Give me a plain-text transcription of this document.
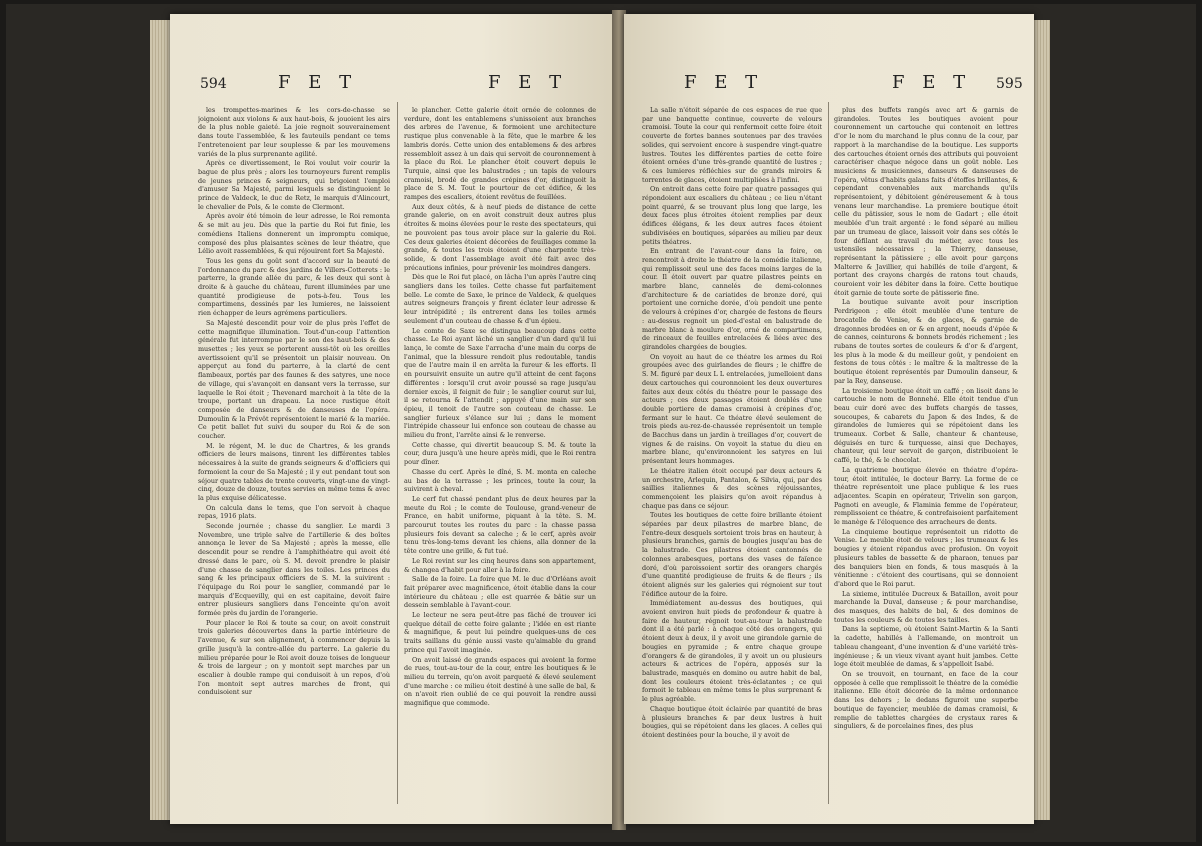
594	F E T	F E T

les trompettes-marines & les cors-de-chasse se joignoient aux violons & aux haut-bois, & jouoient les airs de la plus noble gaieté. La joie regnoit souverainement dans toute l'assemblée, & les fauteuils pendant ce tems l'entretenoient par leur souplesse & par les mouvemens variés de la plus surprenante agilité.

Après ce divertissement, le Roi voulut voir courir la bague de plus près ; alors les tournoyeurs furent remplis de jeunes princes & seigneurs, qui brigoient l'emploi d'amuser Sa Majesté, parmi lesquels se distinguoient le prince de Valdeck, le duc de Retz, le marquis d'Alincourt, le chevalier de Pols, & le comte de Clermont.

Après avoir été témoin de leur adresse, le Roi remonta & se mit au jeu. Dès que la partie du Roi fut finie, les comédiens Italiens donnerent un impromptu comique, composé des plus plaisantes scènes de leur théatre, que Lélio avoit rassemblées, & qui réjouirent fort Sa Majesté.

Tous les gens du goût sont d'accord sur la beauté de l'ordonnance du parc & des jardins de Villers-Cotterets : le parterre, la grande allée du parc, & les deux qui sont à droite & à gauche du château, furent illuminées par une quantité prodigieuse de pots-à-feu. Tous les compartimens, dessinés par les lumieres, ne laissoient rien échapper de leurs agrémens particuliers.

Sa Majesté descendit pour voir de plus près l'effet de cette magnifique illumination. Tout-d'un-coup l'attention générale fut interrompue par le son des haut-bois & des musettes ; les yeux se porterent aussi-tôt où les oreilles avertissoient qu'il se présentoit un plaisir nouveau. On apperçut au fond du parterre, à la clarté de cent flambeaux, portés par des faunes & des satyres, une noce de village, qui s'avançoit en dansant vers la terrasse, sur laquelle le Roi étoit ; Thevenard marchoit à la tête de la troupe, portant un drapeau. La noce rustique étoit composée de danseurs & de danseuses de l'opéra. Dumoulin & la Prévôt représentoient le marié & la mariée. Ce petit ballet fut suivi du souper du Roi & de son coucher.

M. le régent, M. le duc de Chartres, & les grands officiers de leurs maisons, tinrent les différentes tables nécessaires à la suite de grands seigneurs & d'officiers qui formoient la cour de Sa Majesté ; il y eut pendant tout son séjour quatre tables de trente couverts, vingt-une de vingt-cinq, douze de douze, toutes servies en même tems & avec la plus exquise délicatesse.

On calcula dans le tems, que l'on servoit à chaque repas, 1916 plats.

Seconde journée ; chasse du sanglier. Le mardi 3 Novembre, une triple salve de l'artillerie & des boîtes annonça le lever de Sa Majesté ; après la messe, elle descendit pour se rendre à l'amphithéatre qui avoit été dressé dans le parc, où S. M. devoit prendre le plaisir d'une chasse de sanglier dans les toiles. Les princes du sang & les principaux officiers de S. M. la suivirent : l'équipage du Roi pour le sanglier, commandé par le marquis d'Ecquevilly, qui en est capitaine, devoit faire entrer plusieurs sangliers dans l'enceinte qu'on avoit formée près du jardin de l'orangerie.

Pour placer le Roi & toute sa cour, on avoit construit trois galeries découvertes dans la partie intérieure de l'avenue, & sur son alignement, à commencer depuis la grille jusqu'à la contre-allée du parterre. La galerie du milieu préparée pour le Roi avoit douze toises de longueur & trois de largeur ; on y montoit sept marches par un escalier à double rampe qui conduisoit à un repos, d'où l'on montoit sept autres marches de front, qui conduisoient sur

le plancher. Cette galerie étoit ornée de colonnes de verdure, dont les entablemens s'unissoient aux branches des arbres de l'avenue, & formoient une architecture rustique plus convenable à la fête, que le marbre & les lambris dorés. Cette union des entablemens & des arbres ressembloit assez à un dais qui servoit de couronnement à la place du Roi. Le plancher étoit couvert depuis le Turquie, ainsi que les balustrades ; un tapis de velours cramoisi, brodé de grandes crépines d'or, distinguoit la place de S. M. Tout le pourtour de cet édifice, & les rampes des escaliers, étoient revêtus de feuillées.

Aux deux côtés, & à neuf pieds de distance de cette grande galerie, on en avoit construit deux autres plus étroites & moins élevées pour le reste des spectateurs, qui ne pouvoient pas tous avoir place sur la galerie du Roi. Ces deux galeries étoient décorées de feuillages comme la grande, & toutes les trois étoient d'une charpente très-solide, & dont l'assemblage avoit été fait avec des précautions infinies, pour prévenir les moindres dangers.

Dès que le Roi fut placé, on lâcha l'un après l'autre cinq sangliers dans les toiles. Cette chasse fut parfaitement belle. Le comte de Saxe, le prince de Valdeck, & quelques autres seigneurs françois y firent éclater leur adresse & leur intrépidité ; ils entrerent dans les toiles armés seulement d'un couteau de chasse & d'un épieu.

Le comte de Saxe se distingua beaucoup dans cette chasse. Le Roi ayant lâché un sanglier d'un dard qu'il lui lança, le comte de Saxe l'arracha d'une main du corps de l'animal, que la blessure rendoit plus redoutable, tandis que de l'autre main il en arrêta la fureur & les efforts. Il en poursuivit ensuite un autre qu'il atteint de cent façons différentes : lorsqu'il crut avoir poussé sa rage jusqu'au dernier excès, il feignit de fuir ; le sanglier courut sur lui, il se retourna & l'attendit ; appuyé d'une main sur son épieu, il tenoit de l'autre son couteau de chasse. Le sanglier furieux s'élance sur lui ; dans le moment l'intrépide chasseur lui enfonce son couteau de chasse au milieu du front, l'arrête ainsi & le renverse.

Cette chasse, qui divertit beaucoup S. M. & toute la cour, dura jusqu'à une heure après midi, que le Roi rentra pour dîner.

Chasse du cerf. Après le dîné, S. M. monta en caleche au bas de la terrasse ; les princes, toute la cour, la suivirent à cheval.

Le cerf fut chassé pendant plus de deux heures par la meute du Roi ; le comte de Toulouse, grand-veneur de France, en habit uniforme, piquant à la tête. S. M. parcourut toutes les routes du parc : la chasse passa plusieurs fois devant sa caleche ; & le cerf, après avoir tenu très-long-tems devant les chiens, alla donner de la tête contre une grille, & fut tué.

Le Roi revint sur les cinq heures dans son appartement, & changea d'habit pour aller à la foire.

Salle de la foire. La foire que M. le duc d'Orléans avoit fait préparer avec magnificence, étoit établie dans la cour intérieure du château ; elle est quarrée & bâtie sur un dessein semblable à l'avant-cour.

Le lecteur ne sera peut-être pas fâché de trouver ici quelque détail de cette foire galante ; l'idée en est riante & magnifique, & peut lui peindre quelques-uns de ces traits saillans du génie aussi vaste qu'aimable du grand prince qui l'avoit imaginée.

On avoit laissé de grands espaces qui avoient la forme de rues, tout-au-tour de la cour, entre les boutiques & le milieu du terrein, qu'on avoit parqueté & élevé seulement d'une marche : ce milieu étoit destiné à une salle de bal, & on n'avoit rien oublié de ce qui pouvoit la rendre aussi magnifique que commode.

F E T	F E T 595

La salle n'étoit séparée de ces espaces de rue que par une banquette continue, couverte de velours cramoisi. Toute la cour qui renfermoit cette foire étoit couverte de fortes bannes soutenues par des travées solides, qui servoient encore à suspendre vingt-quatre lustres. Toutes les différentes parties de cette foire étoient ornées d'une très-grande quantité de lustres ; & ces lumieres réfléchies sur de grands miroirs & torrentes de glaces, étoient multipliées à l'infini.

On entroit dans cette foire par quatre passages qui répondoient aux escaliers du château ; ce lieu n'étant point quarré, & se trouvant plus long que large, les deux faces plus étroites étoient remplies par deux édifices élégans, & les deux autres faces étoient subdivisées en boutiques, séparées au milieu par deux petits théatres.

En entrant de l'avant-cour dans la foire, on rencontroit à droite le théatre de la comédie italienne, qui remplissoit seul une des faces moins larges de la cour. Il étoit ouvert par quatre pilastres peints en marbre blanc, cannelés de demi-colonnes d'architecture & de cariatides de bronze doré, qui portoient une corniche dorée, d'où pendoit une pente de velours à crépines d'or, chargée de festons de fleurs : au-dessus regnoit un pied-d'estal en balustrade de marbre blanc à moulure d'or, orné de compartimens, de rinceaux de feuilles entrelacées & liées avec des girandoles chargées de bougies.

On voyoit au haut de ce théatre les armes du Roi groupées avec des guirlandes de fleurs ; le chiffre de S. M. figuré par deux L L entrelacées, jumelloient dans deux cartouches qui couronnoient les deux ouvertures faites aux deux côtés du théatre pour le passage des acteurs ; ces deux passages étoient doublés d'une double portiere de damas cramoisi à crépines d'or, fermant sur le haut. Ce théatre élevé seulement de trois pieds au-rez-de-chaussée représentoit un temple de Bacchus dans un jardin à treillages d'or, couvert de vignes & de raisins. On voyoit la statue du dieu en marbre blanc, qu'environnoient les satyres en lui présentant leurs hommages.

Le théatre italien étoit occupé par deux acteurs & un orchestre, Arlequin, Pantalon, & Silvia, qui, par des saillies italiennes & des scènes réjouissantes, commençoient les plaisirs qu'on avoit répandus à chaque pas dans ce séjour.

Toutes les boutiques de cette foire brillante étoient séparées par deux pilastres de marbre blanc, de l'entre-deux desquels sortoient trois bras en hauteur, à plusieurs branches, garnis de bougies jusqu'au bas de la balustrade. Ces pilastres étoient cantonnés de colonnes arabesques, portans des vases de faïence doré, d'où paroissoient sortir des orangers chargés d'une quantité prodigieuse de fruits & de fleurs ; ils étoient alignés sur les galeries qui régnoient sur tout l'édifice autour de la foire.

Immédiatement au-dessus des boutiques, qui avoient environ huit pieds de profondeur & quatre à faire de hauteur, régnoit tout-au-tour la balustrade dont il a été parlé : à chaque côté des orangers, qui étoient deux à deux, il y avoit une girandole garnie de bougies en pyramide ; & entre chaque groupe d'orangers & de girandoles, il y avoit un ou plusieurs acteurs & actrices de l'opéra, apposés sur la balustrade, masqués en domino ou autre habit de bal, dont les couleurs étoient très-éclatantes ; ce qui formoit le tableau en même tems le plus surprenant & le plus agréable.

Chaque boutique étoit éclairée par quantité de bras à plusieurs branches & par deux lustres à huit bougies, qui se répétoient dans les glaces. A celles qui étoient destinées pour la bouche, il y avoit de

plus des buffets rangés avec art & garnis de girandoles. Toutes les boutiques avoient pour couronnement un cartouche qui contenoit en lettres d'or le nom du marchand le plus connu de la cour, par rapport à la marchandise de la boutique. Les supports des cartouches étoient ornés des attributs qui pouvoient caractériser chaque négoce dans un goût noble. Les musiciens & musiciennes, danseurs & danseuses de l'opéra, vêtus d'habits galans faits d'étoffes brillantes, & cependant convenables aux marchands qu'ils représentoient, y débitoient généreusement & à tous venans leur marchandise. La premiere boutique étoit celle du pâtissier, sous le nom de Gadart ; elle étoit meublée d'un trait argenté : le fond séparé au milieu par un trumeau de glace, laissoit voir dans ses côtés le four défilant au travail du métier, avec tous les ustensiles nécessaires ; la Thierry, danseuse, représentant la pâtissiere ; elle avoit pour garçons Malterre & Javillier, qui habillés de toile d'argent, & portant des crayons chargés de ratons tout chauds, couroient voir les débiter dans la foire. Cette boutique étoit garnie de toute sorte de pâtisserie fine.

La boutique suivante avoit pour inscription Perdrigeon ; elle étoit meublée d'une tenture de brocatelle de Venise, & de glaces, & garnie de dragonnes brodées en or & en argent, noeuds d'épée & de cannes, ceinturons & bonnets brodés richement ; les rubans de toutes sortes de couleurs & d'or & d'argent, les plus à la mode & du meilleur goût, y pendoient en festons de tous côtés : le maître & la maîtresse de la boutique étoient représentés par Dumoulin danseur, & par la Rey, danseuse.

La troisieme boutique étoit un caffé ; on lisoit dans le cartouche le nom de Bonnehé. Elle étoit tendue d'un beau cuir doré avec des buffets chargés de tasses, soucoupes, & cabarets du Japon & des Indes, & de girandoles de lumieres qui se répétoient dans les trumeaux. Corbet & Salle, chanteur & chanteuse, déguisés en turc & turquesse, ainsi que Dechayes, chanteur, qui leur servoit de garçon, distribuoient le caffé, le thé, & le chocolat.

La quatrieme boutique élevée en théatre d'opéra-tour, étoit intitulée, le docteur Barry. La forme de ce théatre représentoit une place publique & les rues adjacentes. Scapin en opérateur, Trivelin son garçon, Pagnoti en aveugle, & Flaminia femme de l'opérateur, remplissoient ce théatre, & contrefaisoient parfaitement le manège & l'éloquence des arracheurs de dents.

La cinquieme boutique représentoit un ridotto de Venise. Le meuble étoit de velours ; les trumeaux & les bougies y étoient répandus avec profusion. On voyoit plusieurs tables de bassette & de pharaon, tenues par des banquiers bien en fonds, & tous masqués à la vénitienne : c'étoient des courtisans, qui se donnoient d'abord que le Roi parut.

La sixieme, intitulée Ducreux & Bataillon, avoit pour marchande la Duval, danseuse ; & pour marchandise, des masques, des habits de bal, & des dominos de toutes les couleurs & de toutes les tailles.

Dans la septieme, où étoient Saint-Martin & la Santi la cadette, habillés à l'allemande, on montroit un tableau changeant, d'une invention & d'une variété très-ingénieuse ; & un vieux vivant ayant huit jambes. Cette loge étoit meublée de damas, & s'appelloit Isabé.

On se trouvoit, en tournant, en face de la cour opposée à celle que remplissoit le théatre de la comédie italienne. Elle étoit décorée de la même ordonnance dans les dehors ; le dedans figuroit une superbe boutique de fayencier, meublée de damas cramoisi, & remplie de tablettes chargées de crystaux rares & singuliers, & de porcelaines fines, des plus
